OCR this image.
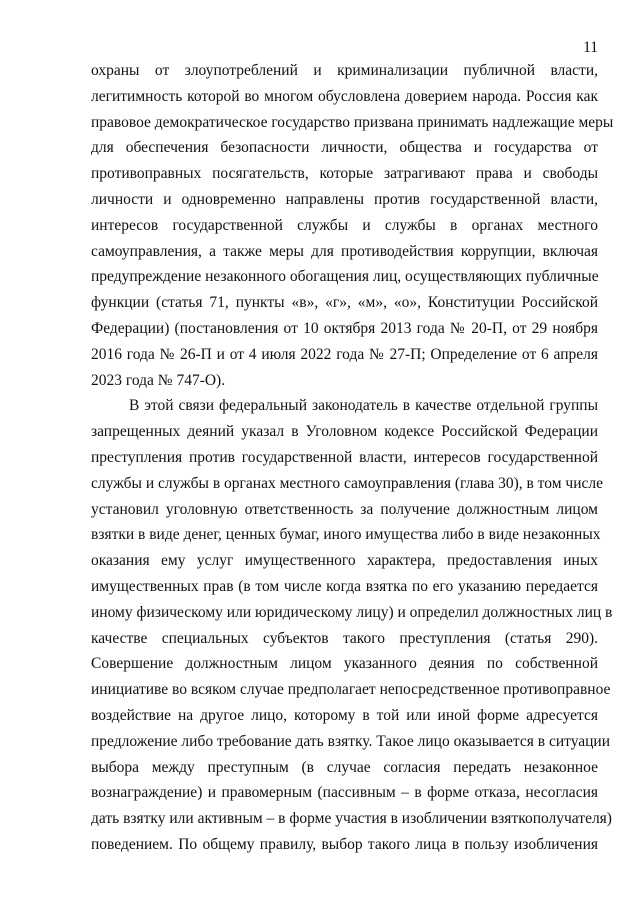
11
охраны от злоупотреблений и криминализации публичной власти,
легитимность которой во многом обусловлена доверием народа. Россия как
правовое демократическое государство призвана принимать надлежащие меры
для обеспечения безопасности личности, общества и государства от
противоправных посягательств, которые затрагивают права и свободы
личности и одновременно направлены против государственной власти,
интересов государственной службы и службы в органах местного
самоуправления, а также меры для противодействия коррупции, включая
предупреждение незаконного обогащения лиц, осуществляющих публичные
функции (статья 71, пункты «в», «г», «м», «о», Конституции Российской
Федерации) (постановления от 10 октября 2013 года № 20-П, от 29 ноября
2016 года № 26-П и от 4 июля 2022 года № 27-П; Определение от 6 апреля
2023 года № 747-О).
В этой связи федеральный законодатель в качестве отдельной группы
запрещенных деяний указал в Уголовном кодексе Российской Федерации
преступления против государственной власти, интересов государственной
службы и службы в органах местного самоуправления (глава 30), в том числе
установил уголовную ответственность за получение должностным лицом
взятки в виде денег, ценных бумаг, иного имущества либо в виде незаконных
оказания ему услуг имущественного характера, предоставления иных
имущественных прав (в том числе когда взятка по его указанию передается
иному физическому или юридическому лицу) и определил должностных лиц в
качестве специальных субъектов такого преступления (статья 290).
Совершение должностным лицом указанного деяния по собственной
инициативе во всяком случае предполагает непосредственное противоправное
воздействие на другое лицо, которому в той или иной форме адресуется
предложение либо требование дать взятку. Такое лицо оказывается в ситуации
выбора между преступным (в случае согласия передать незаконное
вознаграждение) и правомерным (пассивным – в форме отказа, несогласия
дать взятку или активным – в форме участия в изобличении взяткополучателя)
поведением. По общему правилу, выбор такого лица в пользу изобличения
